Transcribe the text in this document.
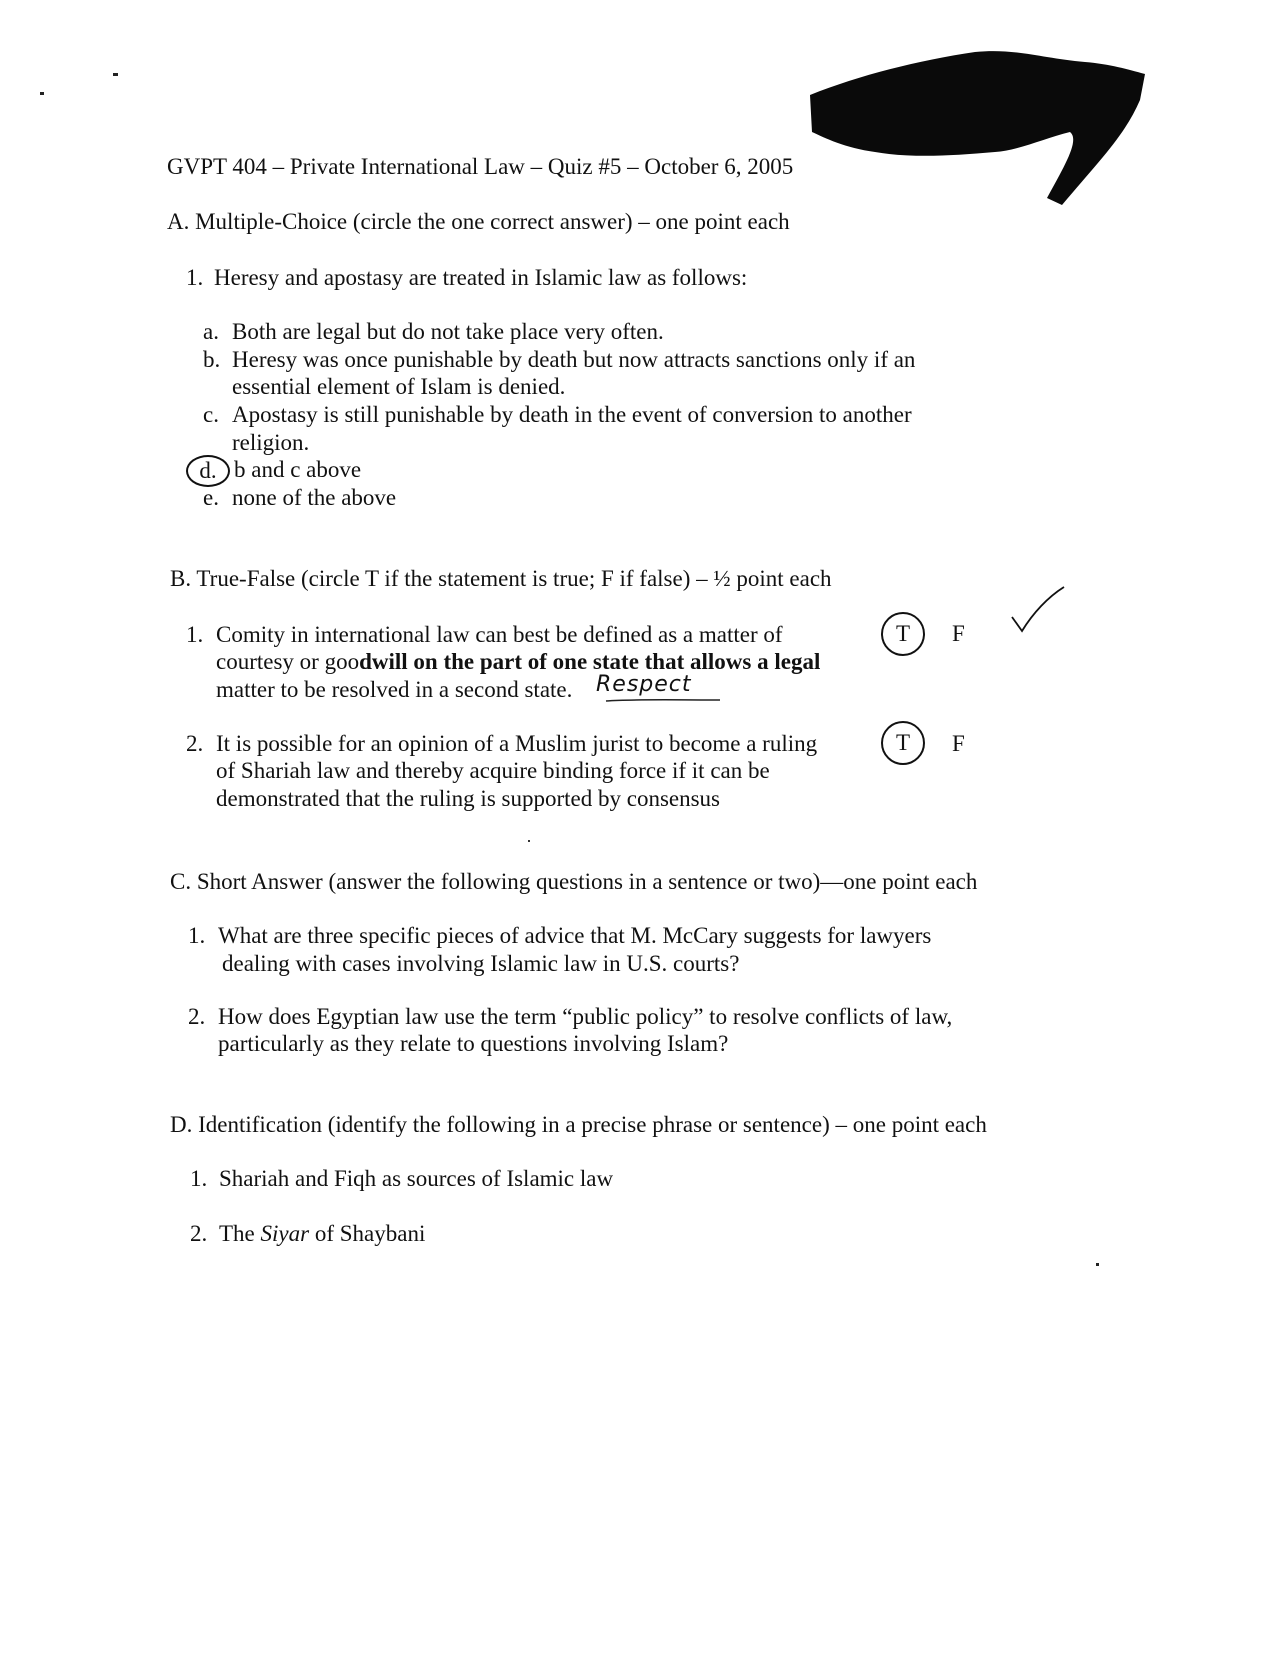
GVPT 404 – Private International Law – Quiz #5 – October 6, 2005
A. Multiple-Choice (circle the one correct answer) – one point each
1. Heresy and apostasy are treated in Islamic law as follows:
a. Both are legal but do not take place very often.
b. Heresy was once punishable by death but now attracts sanctions only if an
essential element of Islam is denied.
c. Apostasy is still punishable by death in the event of conversion to another
religion.
d. b and c above
e. none of the above
B. True-False (circle T if the statement is true; F if false) – ½ point each
1. Comity in international law can best be defined as a matter of
courtesy or goodwill on the part of one state that allows a legal
matter to be resolved in a second state. Respect
T F
2. It is possible for an opinion of a Muslim jurist to become a ruling
of Shariah law and thereby acquire binding force if it can be
demonstrated that the ruling is supported by consensus
T F
C. Short Answer (answer the following questions in a sentence or two)—one point each
1. What are three specific pieces of advice that M. McCary suggests for lawyers
dealing with cases involving Islamic law in U.S. courts?
2. How does Egyptian law use the term “public policy” to resolve conflicts of law,
particularly as they relate to questions involving Islam?
D. Identification (identify the following in a precise phrase or sentence) – one point each
1. Shariah and Fiqh as sources of Islamic law
2. The Siyar of Shaybani
